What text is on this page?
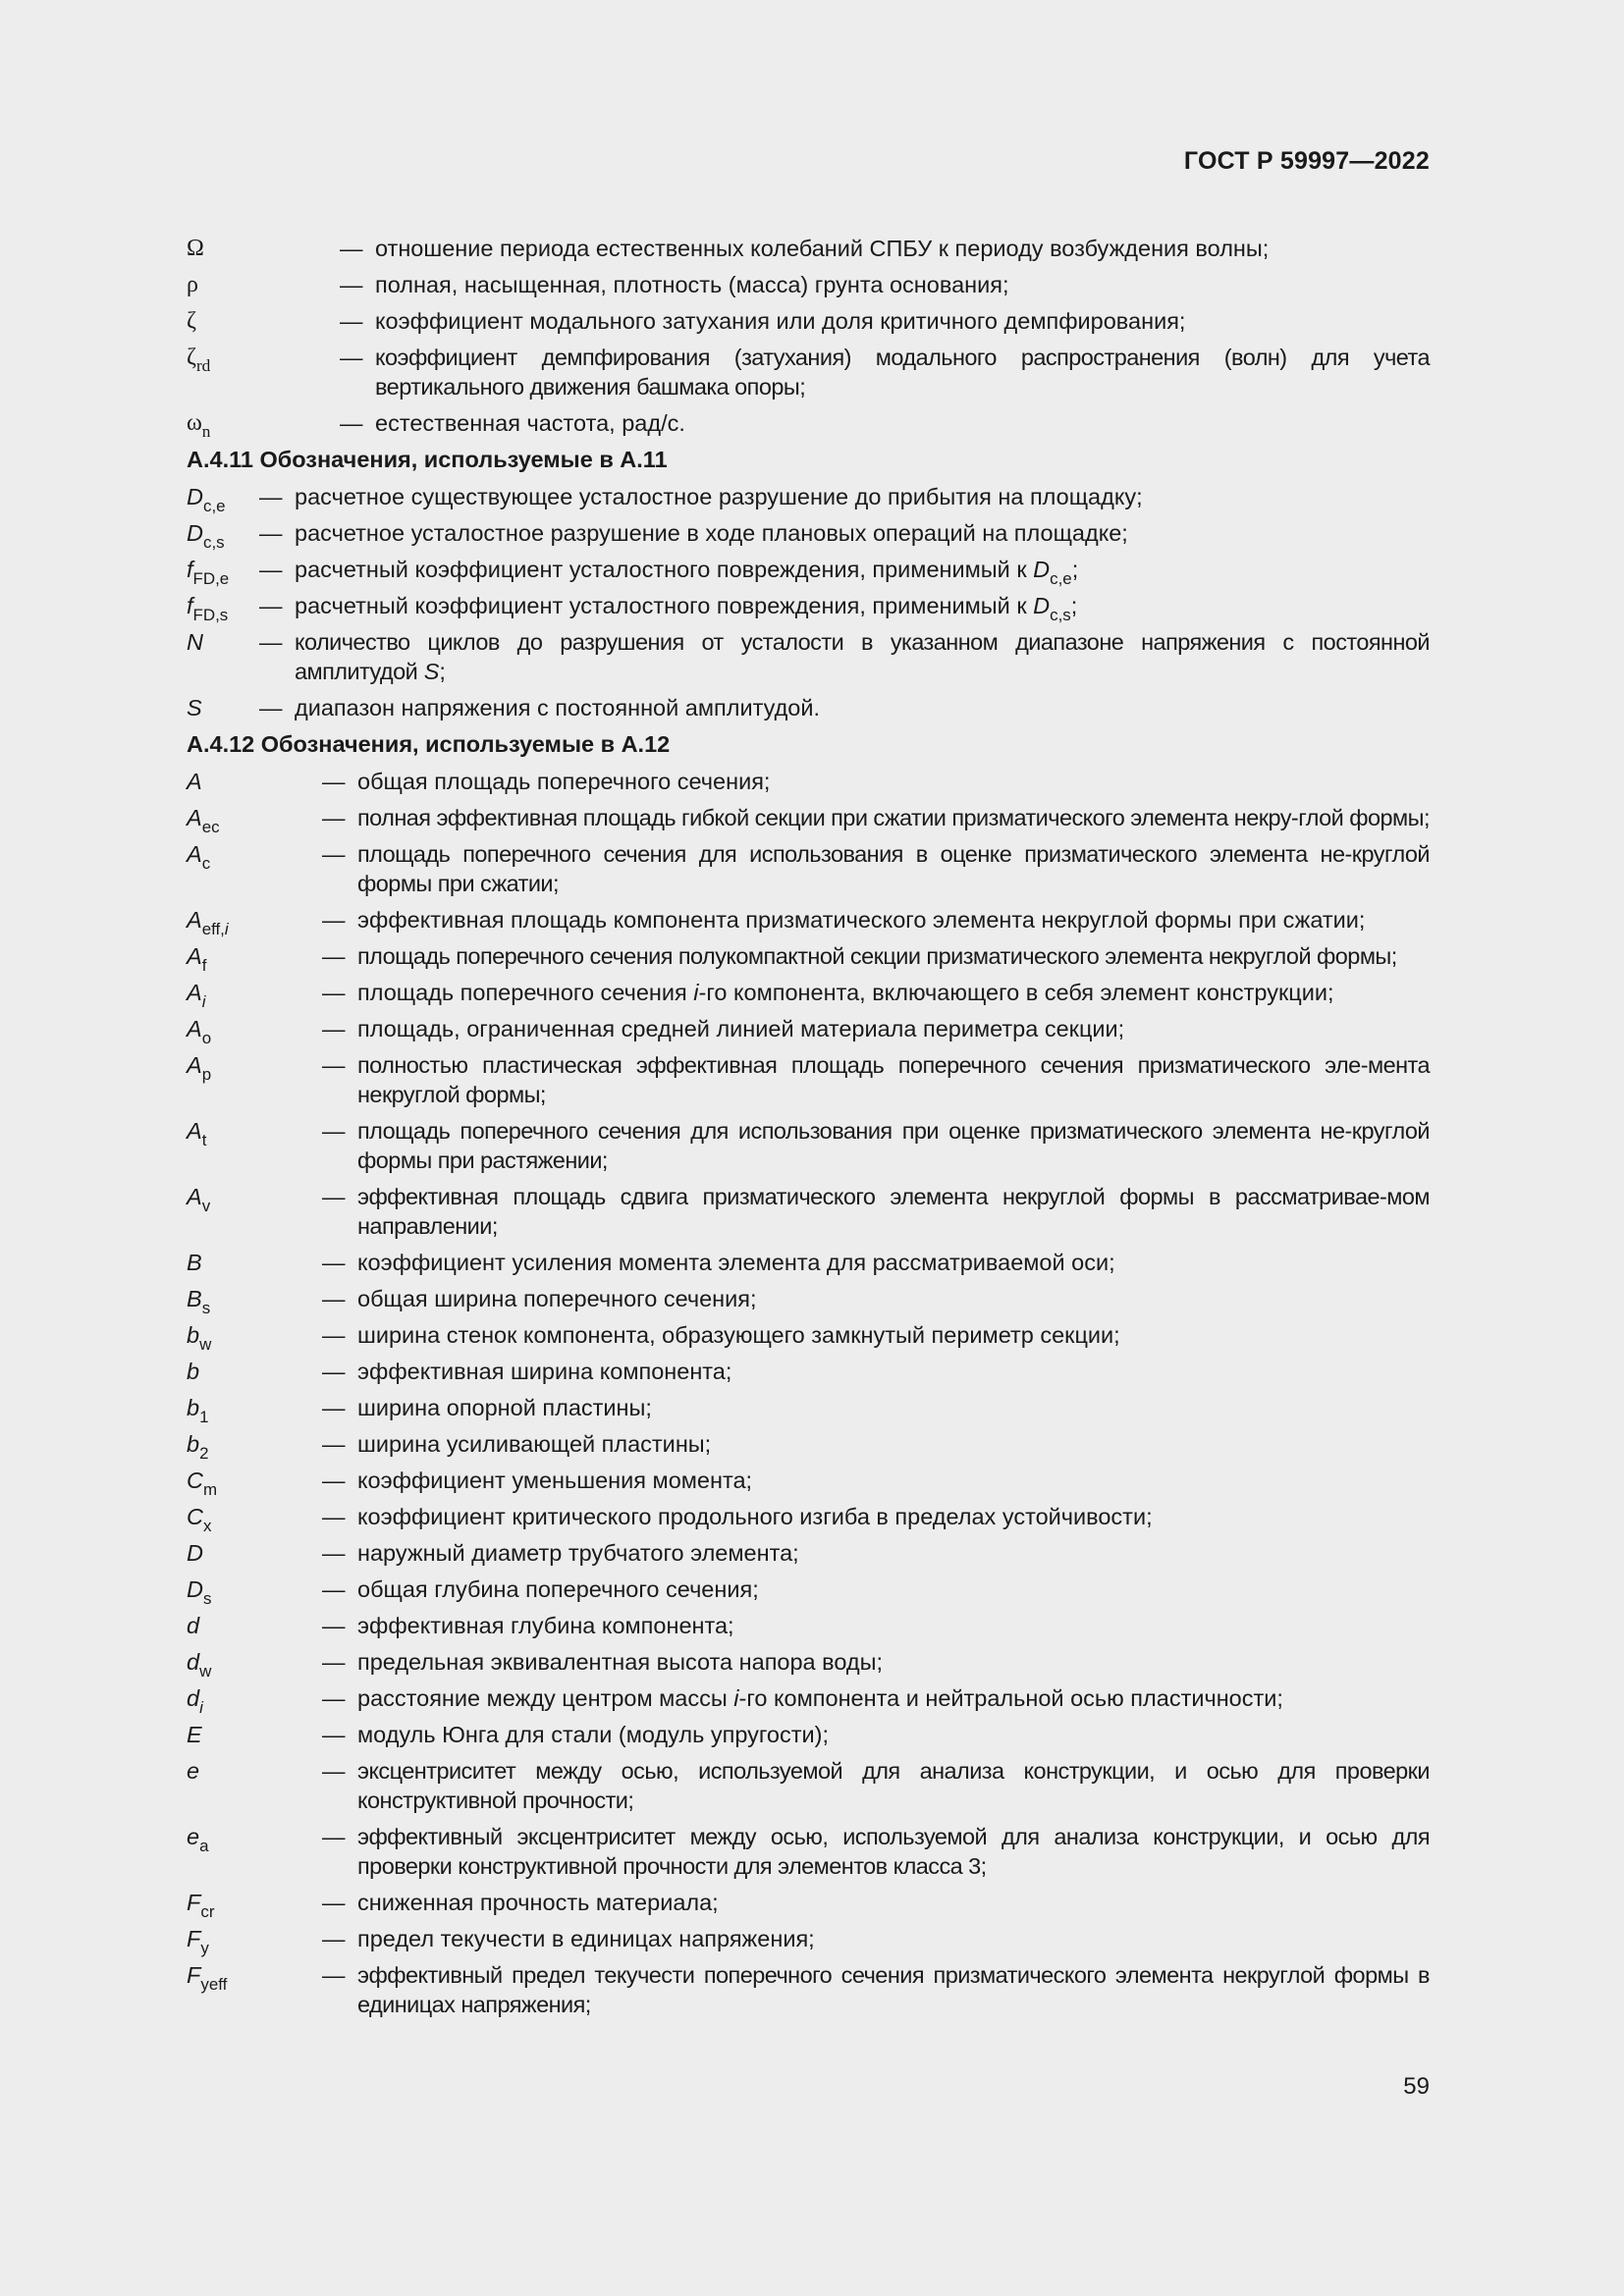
ГОСТ Р 59997—2022
Ω	— отношение периода естественных колебаний СПБУ к периоду возбуждения волны;
ρ	— полная, насыщенная, плотность (масса) грунта основания;
ζ	— коэффициент модального затухания или доля критичного демпфирования;
$\zeta_{rd}$	— коэффициент демпфирования (затухания) модального распространения (волн) для учета вертикального движения башмака опоры;
$\omega_n$	— естественная частота, рад/с.
А.4.11 Обозначения, используемые в А.11
$D_{c,e}$	— расчетное существующее усталостное разрушение до прибытия на площадку;
$D_{c,s}$	— расчетное усталостное разрушение в ходе плановых операций на площадке;
$f_{FD,e}$	— расчетный коэффициент усталостного повреждения, применимый к $D_{c,e}$;
$f_{FD,s}$	— расчетный коэффициент усталостного повреждения, применимый к $D_{c,s}$;
N	— количество циклов до разрушения от усталости в указанном диапазоне напряжения с постоянной амплитудой S;
S	— диапазон напряжения с постоянной амплитудой.
А.4.12 Обозначения, используемые в А.12
A	— общая площадь поперечного сечения;
$A_{ec}$	— полная эффективная площадь гибкой секции при сжатии призматического элемента некру-глой формы;
$A_c$	— площадь поперечного сечения для использования в оценке призматического элемента не-круглой формы при сжатии;
$A_{eff,i}$	— эффективная площадь компонента призматического элемента некруглой формы при сжатии;
$A_f$	— площадь поперечного сечения полукомпактной секции призматического элемента некруглой формы;
$A_i$	— площадь поперечного сечения i-го компонента, включающего в себя элемент конструкции;
$A_o$	— площадь, ограниченная средней линией материала периметра секции;
$A_p$	— полностью пластическая эффективная площадь поперечного сечения призматического эле-мента некруглой формы;
$A_t$	— площадь поперечного сечения для использования при оценке призматического элемента не-круглой формы при растяжении;
$A_v$	— эффективная площадь сдвига призматического элемента некруглой формы в рассматривае-мом направлении;
B	— коэффициент усиления момента элемента для рассматриваемой оси;
$B_s$	— общая ширина поперечного сечения;
$b_w$	— ширина стенок компонента, образующего замкнутый периметр секции;
b	— эффективная ширина компонента;
$b_1$	— ширина опорной пластины;
$b_2$	— ширина усиливающей пластины;
$C_m$	— коэффициент уменьшения момента;
$C_x$	— коэффициент критического продольного изгиба в пределах устойчивости;
D	— наружный диаметр трубчатого элемента;
$D_s$	— общая глубина поперечного сечения;
d	— эффективная глубина компонента;
$d_w$	— предельная эквивалентная высота напора воды;
$d_i$	— расстояние между центром массы i-го компонента и нейтральной осью пластичности;
E	— модуль Юнга для стали (модуль упругости);
e	— эксцентриситет между осью, используемой для анализа конструкции, и осью для проверки конструктивной прочности;
$e_a$	— эффективный эксцентриситет между осью, используемой для анализа конструкции, и осью для проверки конструктивной прочности для элементов класса 3;
$F_{cr}$	— сниженная прочность материала;
$F_y$	— предел текучести в единицах напряжения;
$F_{yeff}$	— эффективный предел текучести поперечного сечения призматического элемента некруглой формы в единицах напряжения;
59
